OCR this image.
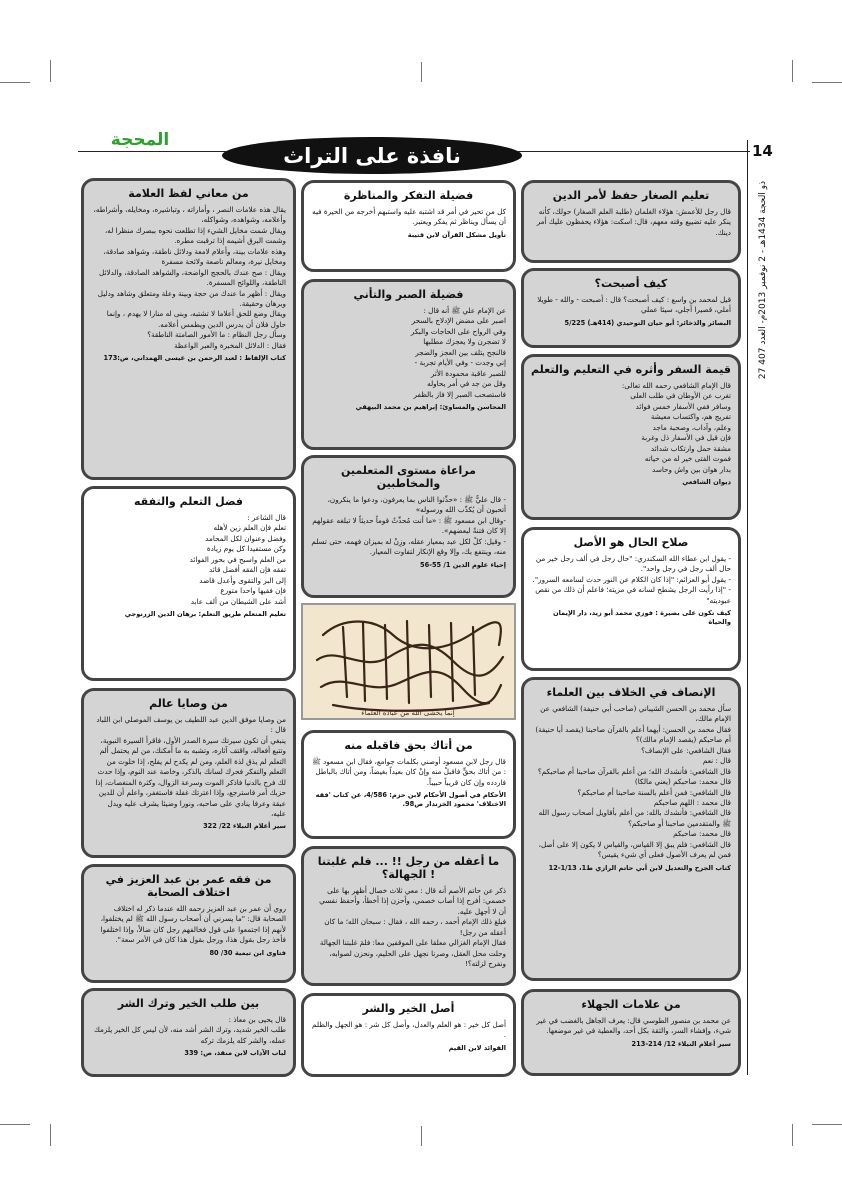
14
27 ذو الحجة 1434هـ - 2 نوفمبر 2013م- العدد 407
نافذة على التراث
المحجة
تعليم الصغار حفظ لأمر الدين
قال رجل للأعمش: هؤلاء الغلمان (طلبة العلم الصغار) حولك، كأنه ينكر عليه تضييع وقته معهم، قال: اسكت: هؤلاء يحفظون عليك أمر دينك.
كيف أصبحت؟
قيل لمحمد بن واسع : كيف أصبحت؟ قال : أصبحت - والله - طويلا أملي، قصيرا أجلي، سيئا عملي
البصائر والذخائر: أبو حيان التوحيدي (414هـ) 5/225
قيمة السفر وأثره في التعليم والتعلم
قال الإمام الشافعي رحمه الله تعالى:
تغرب عن الأوطان في طلب العلى
وسافر ففي الأسفار خمس فوائد
تفريج هم، واكتساب معيشة
وعلم، وآداب، وصحبة ماجد
فإن قيل في الأسفار ذل وغربة
مشقة حمل وارتكاب شدائد
فموت الفتى خير له من حياته
بدار هوان بين واش وحاسد
ديوان الشافعي
صلاح الحال هو الأصل
- يقول ابن عطاء الله السكندري: "حال رجل في ألف رجل خير من حال ألف رجل في رجل واحد".
- يقول أبو العزائم: "إذا كان الكلام عن النور حدث لسامعه السرور".
- "إذا رأيت الرجل يشطح لسانه في مزيته؛ فاعلم أن ذلك من نقص عبوديته"
كيف تكون على بصيرة : فوزي محمد أبو زيد، دار الإيمان والحياة
الإنصاف في الخلاف بين العلماء
سأل محمد بن الحسن الشيباني (صاحب أبي حنيفة) الشافعي عن الإمام مالك،
فقال محمد بن الحسن: أيهما أعلم بالقرآن صاحبنا (يقصد أبا حنيفة) أم صاحبكم (يقصد الإمام مالك)؟
فقال الشافعي: على الإنصاف؟
قال : نعم
قال الشافعي: فأنشدك الله؛ من أعلم بالقرآن صاحبنا أم صاحبكم؟
قال محمد: صاحبكم (يعني مالكا)
قال الشافعي: فمن أعلم بالسنة صاحبنا أم صاحبكم؟
قال محمد : اللهم صاحبكم
قال الشافعي: فأنشدك بالله: من أعلم بأقاويل أصحاب رسول الله ﷺ والمتقدمين صاحبنا أو صاحبكم؟
قال محمد: صاحبكم
قال الشافعي: فلم يبق إلا القياس، والقياس لا يكون إلا على أصل، فمن لم يعرف الأصول فعلى أي شيء يقيس؟
كتاب الجرح والتعديل لابن أبي حاتم الرازي ط1، 1/13-12
من علامات الجهلاء
عن محمد بن منصور الطوسي قال: يعرف الجاهل بالغضب في غير شيء، وإفشاء السر، والثقة بكل أحد، والعطية في غير موضعها.
سير أعلام النبلاء 12/ 214-213
فضيلة التفكر والمناظرة
كل من تحير في أمر قد اشتبه عليه واستبهم أخرجه من الحيرة فيه أن يسأل ويناظر ثم يفكر ويعتبر.
تأويل مشكل القرآن لابن قتيبة
فضيلة الصبر والتأني
عن الإمام علي ﷺ أنه قال :
اصبر على مضض الإدلاج بالسحر
وفي الرواح على الحاجات والبكر
لا تضجرن ولا يعجزك مطلبها
فالنجح يتلف بين العجز والضجر
إني وجدت - وفي الأيام تجربة -
للصبر عاقبة محمودة الأثر
وقل من جد في أمر يحاوله
فاستصحب الصبر إلا فاز بالظفر
المحاسن والمساوئ: إبراهيم بن محمد البيهقي
مراعاة مستوى المتعلمين والمخاطبين
- قال عليٌّ ﷺ : «حدِّثوا الناس بما يعرفون، ودعوا ما ينكرون، أتحبون أن يُكذّب الله ورسوله»
-وقال ابن مسعود ﷺ : «ما أنت مُحدِّثٌ قوماً حديثاً لا تبلغه عقولهم إلا كان فتنةً لبعضهم».
- وقيل: كلْ لكل عبد بمعيار عقله، وزِنْ له بميزان فهمه، حتى تسلم منه، وينتفع بك، وإلا وقع الإنكار لتفاوت المعيار.
إحياء علوم الدين 1/ 55-56
إنما يخشى الله من عباده العلماء
من أتاك بحق فاقبله منه
قال رجل لابن مسعود أوصني بكلمات جوامع، فقال ابن مسعود ﷺ : من أتاك بحقٍّ فاقبلْ منه وإنْ كان بعيداً بغيضاً، ومن أتاك بالباطل فاردده وإن كان قريباً حبيباً.
الأحكام في أصول الأحكام لابن حزم: 4/586، عن كتاب 'فقه الاختلاف' محمود الخزندار ص98.
ما أعقله من رجل !! ... فلم غلبتنا الجهالة؟ !
ذكر عن حاتم الأصم أنه قال : معي ثلاث خصال أظهر بها على خصمي: أفرح إذا أصاب خصمي، وأحزن إذا أخطأ، وأحفظ نفسي أن لا أجهل عليه.
فبلغ ذلك الإمام أحمد ، رحمه الله ، فقال : سبحان الله؛ ما كان أعقله من رجل!
فقال الإمام الغزالي معلقا على الموقفين معا: فلمَ غلبتنا الجهالة وحلت محل العقل، وصرنا نجهل على الحليم، ونحزن لصوابه، ونفرح لزلته؟!
أصل الخير والشر
أصل كل خير : هو العلم والعدل، وأصل كل شر : هو الجهل والظلم .
الفوائد لابن القيم
من معاني لفظ العلامة
يقال هذه علامات النصر ، وأماراته ، وتباشيره، ومخايله، وأشراطه، وأعلامه، وشواهده، وشواكله،
ويقال شمت مخايل الشيء إذا تطلعت نحوه ببصرك منظرا له، وشمت البرق أشيمه إذا ترقبت مطره.
وهذه علامات بينة، وأعلام لامعة ودلائل ناطقة، وشواهد صادقة، ومخايل نيرة، ومعالم ناصعة ولائحة مسفرة
ويقال : صح عندك بالحجج الواضحة، والشواهد الصادقة، والدلائل الناطقة، واللوائح المسفرة.
ويقال : أظهر ما عندك من حجة وبينة وعلة ومتعلق وشاهد ودليل وبرهان وحقيقة.
ويقال وضع للحق أعلاما لا تشتبه، وبنى له منارا لا يهدم ، وإنما حاول فلان أن يدرس الدين ويطمس أعلامه.
وسأل رجل النظام : ما الأمور الصامتة الناطقة؟
فقال : الدلائل المخبرة والعبر الواعظة
كتاب الإلفاظ : لعبد الرحمن بن عيسى الهمداني، ص:173
فضل التعلم والتفقه
قال الشاعر :
تعلم فإن العلم زين لأهله
وفضل وعنوان لكل المحامد
وكن مستفيدا كل يوم زيادة
من العلم واسبح في بحور الفوائد
تفقه فإن الفقه أفضل قائد
إلى البر والتقوى وأعدل قاصد
فإن فقيها واحدا متورع
أشد على الشيطان من ألف عابد
تعليم المتعلم طريق التعلم: برهان الدين الزرنوجي
من وصايا عالم
من وصايا موفق الدين عبد اللطيف بن يوسف الموصلي ابن اللباد قال :
ينبغي أن تكون سيرتك سيرة الصدر الأول، فاقرأ السيرة النبوية، وتتبع أفعاله، واقتف آثاره، وتشبه به ما أمكنك، من لم يحتمل ألم التعلم لم يذق لذة العلم، ومن لم يكدح لم يفلح، إذا خلوت من التعلم والتفكر فحرك لسانك بالذكر، وخاصة عند النوم، وإذا حدث لك فرح بالدنيا فاذكر الموت وسرعة الزوال، وكثرة المنغصات، إذا حزبك أمر فاسترجع، وإذا اعترتك غفلة فاستغفر، واعلم أن للدين عبقة وعرفا ينادي على صاحبه، ونورا وضيئا يشرف عليه ويدل عليه،
سير أعلام النبلاء 22/ 322
من فقه عمر بن عبد العزيز في اختلاف الصحابة
روي أن عمر بن عبد العزيز رحمه الله عندما ذكر له اختلاف الصحابة قال: "ما يسرني أن أصحاب رسول الله ﷺ لم يختلفوا، لأنهم إذا اجتمعوا على قول فخالفهم رجل كان ضالاً، وإذا اختلفوا فأخذ رجل بقول هذا، ورجل بقول هذا كان في الأمر سعة".
فتاوى ابن تيمية 30/ 80
بين طلب الخير وترك الشر
قال يحيى بن معاذ :
طلب الخير شديد، وترك الشر أشد منه، لأن ليس كل الخير يلزمك عمله، والشر كله يلزمك تركه
لباب الآداب لابن منقذ، ص: 339
